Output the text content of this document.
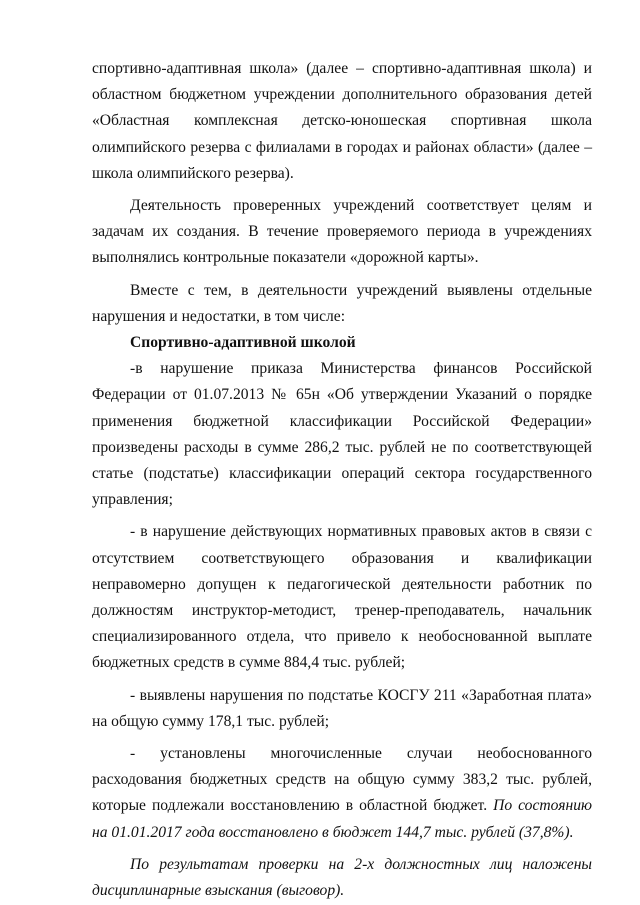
спортивно-адаптивная школа» (далее – спортивно-адаптивная школа) и областном бюджетном учреждении дополнительного образования детей «Областная комплексная детско-юношеская спортивная школа олимпийского резерва с филиалами в городах и районах области» (далее – школа олимпийского резерва).

Деятельность проверенных учреждений соответствует целям и задачам их создания. В течение проверяемого периода в учреждениях выполнялись контрольные показатели «дорожной карты».

Вместе с тем, в деятельности учреждений выявлены отдельные нарушения и недостатки, в том числе:

Спортивно-адаптивной школой

-в нарушение приказа Министерства финансов Российской Федерации от 01.07.2013 № 65н «Об утверждении Указаний о порядке применения бюджетной классификации Российской Федерации» произведены расходы в сумме 286,2 тыс. рублей не по соответствующей статье (подстатье) классификации операций сектора государственного управления;

- в нарушение действующих нормативных правовых актов в связи с отсутствием соответствующего образования и квалификации неправомерно допущен к педагогической деятельности работник по должностям инструктор-методист, тренер-преподаватель, начальник специализированного отдела, что привело к необоснованной выплате бюджетных средств в сумме 884,4 тыс. рублей;

- выявлены нарушения по подстатье КОСГУ 211 «Заработная плата» на общую сумму 178,1 тыс. рублей;

- установлены многочисленные случаи необоснованного расходования бюджетных средств на общую сумму 383,2 тыс. рублей, которые подлежали восстановлению в областной бюджет. По состоянию на 01.01.2017 года восстановлено в бюджет 144,7 тыс. рублей (37,8%).

По результатам проверки на 2-х должностных лиц наложены дисциплинарные взыскания (выговор).
